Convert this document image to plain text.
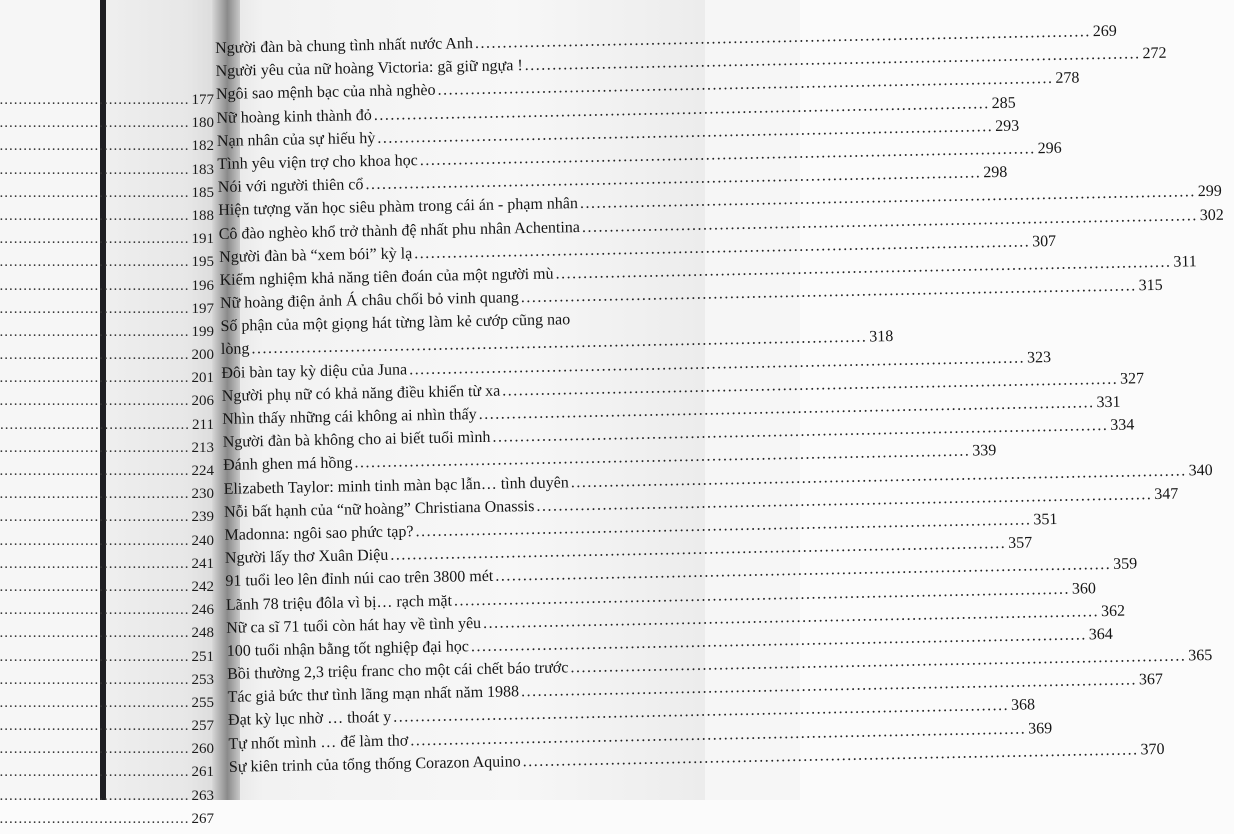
.....
177
.....
180
.....
182
.....
183
.....
185
.....
188
.....
191
.....
195
.....
196
.....
197
.....
199
.....
200
.....
201
.....
206
.....
211
.....
213
.....
224
.....
230
.....
239
.....
240
.....
241
.....
242
.....
246
.....
248
.....
251
.....
253
.....
255
.....
257
.....
260
.....
261
.....
263
.....
267
Người đàn bà chung tình nhất nước Anh
.....
269
Người yêu của nữ hoàng Victoria: gã giữ ngựa !
.....
272
Ngôi sao mệnh bạc của nhà nghèo
.....
278
Nữ hoàng kinh thành đỏ
.....
285
Nạn nhân của sự hiếu hỳ
.....
293
Tình yêu viện trợ cho khoa học
.....
296
Nói với người thiên cổ
.....
298
Hiện tượng văn học siêu phàm trong cái án - phạm nhân
.....
299
Cô đào nghèo khổ trở thành đệ nhất phu nhân Achentina
.....
302
Người đàn bà “xem bói” kỳ lạ
.....
307
Kiểm nghiệm khả năng tiên đoán của một người mù
.....
311
Nữ hoàng điện ảnh Á châu chối bỏ vinh quang
.....
315
Số phận của một giọng hát từng làm kẻ cướp cũng nao
lòng
.....
318
Đôi bàn tay kỳ diệu của Juna
.....
323
Người phụ nữ có khả năng điều khiển từ xa
.....
327
Nhìn thấy những cái không ai nhìn thấy
.....
331
Người đàn bà không cho ai biết tuổi mình
.....
334
Đánh ghen má hồng
.....
339
Elizabeth Taylor: minh tinh màn bạc lẫn… tình duyên
.....
340
Nỗi bất hạnh của “nữ hoàng” Christiana Onassis
.....
347
Madonna: ngôi sao phức tạp?
.....
351
Người lấy thơ Xuân Diệu
.....
357
91 tuổi leo lên đỉnh núi cao trên 3800 mét
.....
359
Lãnh 78 triệu đôla vì bị… rạch mặt
.....
360
Nữ ca sĩ 71 tuổi còn hát hay về tình yêu
.....
362
100 tuổi nhận bằng tốt nghiệp đại học
.....
364
Bồi thường 2,3 triệu franc cho một cái chết báo trước
.....
365
Tác giả bức thư tình lãng mạn nhất năm 1988
.....
367
Đạt kỳ lục nhờ … thoát y
.....
368
Tự nhốt mình … để làm thơ
.....
369
Sự kiên trinh của tổng thống Corazon Aquino
.....
370
